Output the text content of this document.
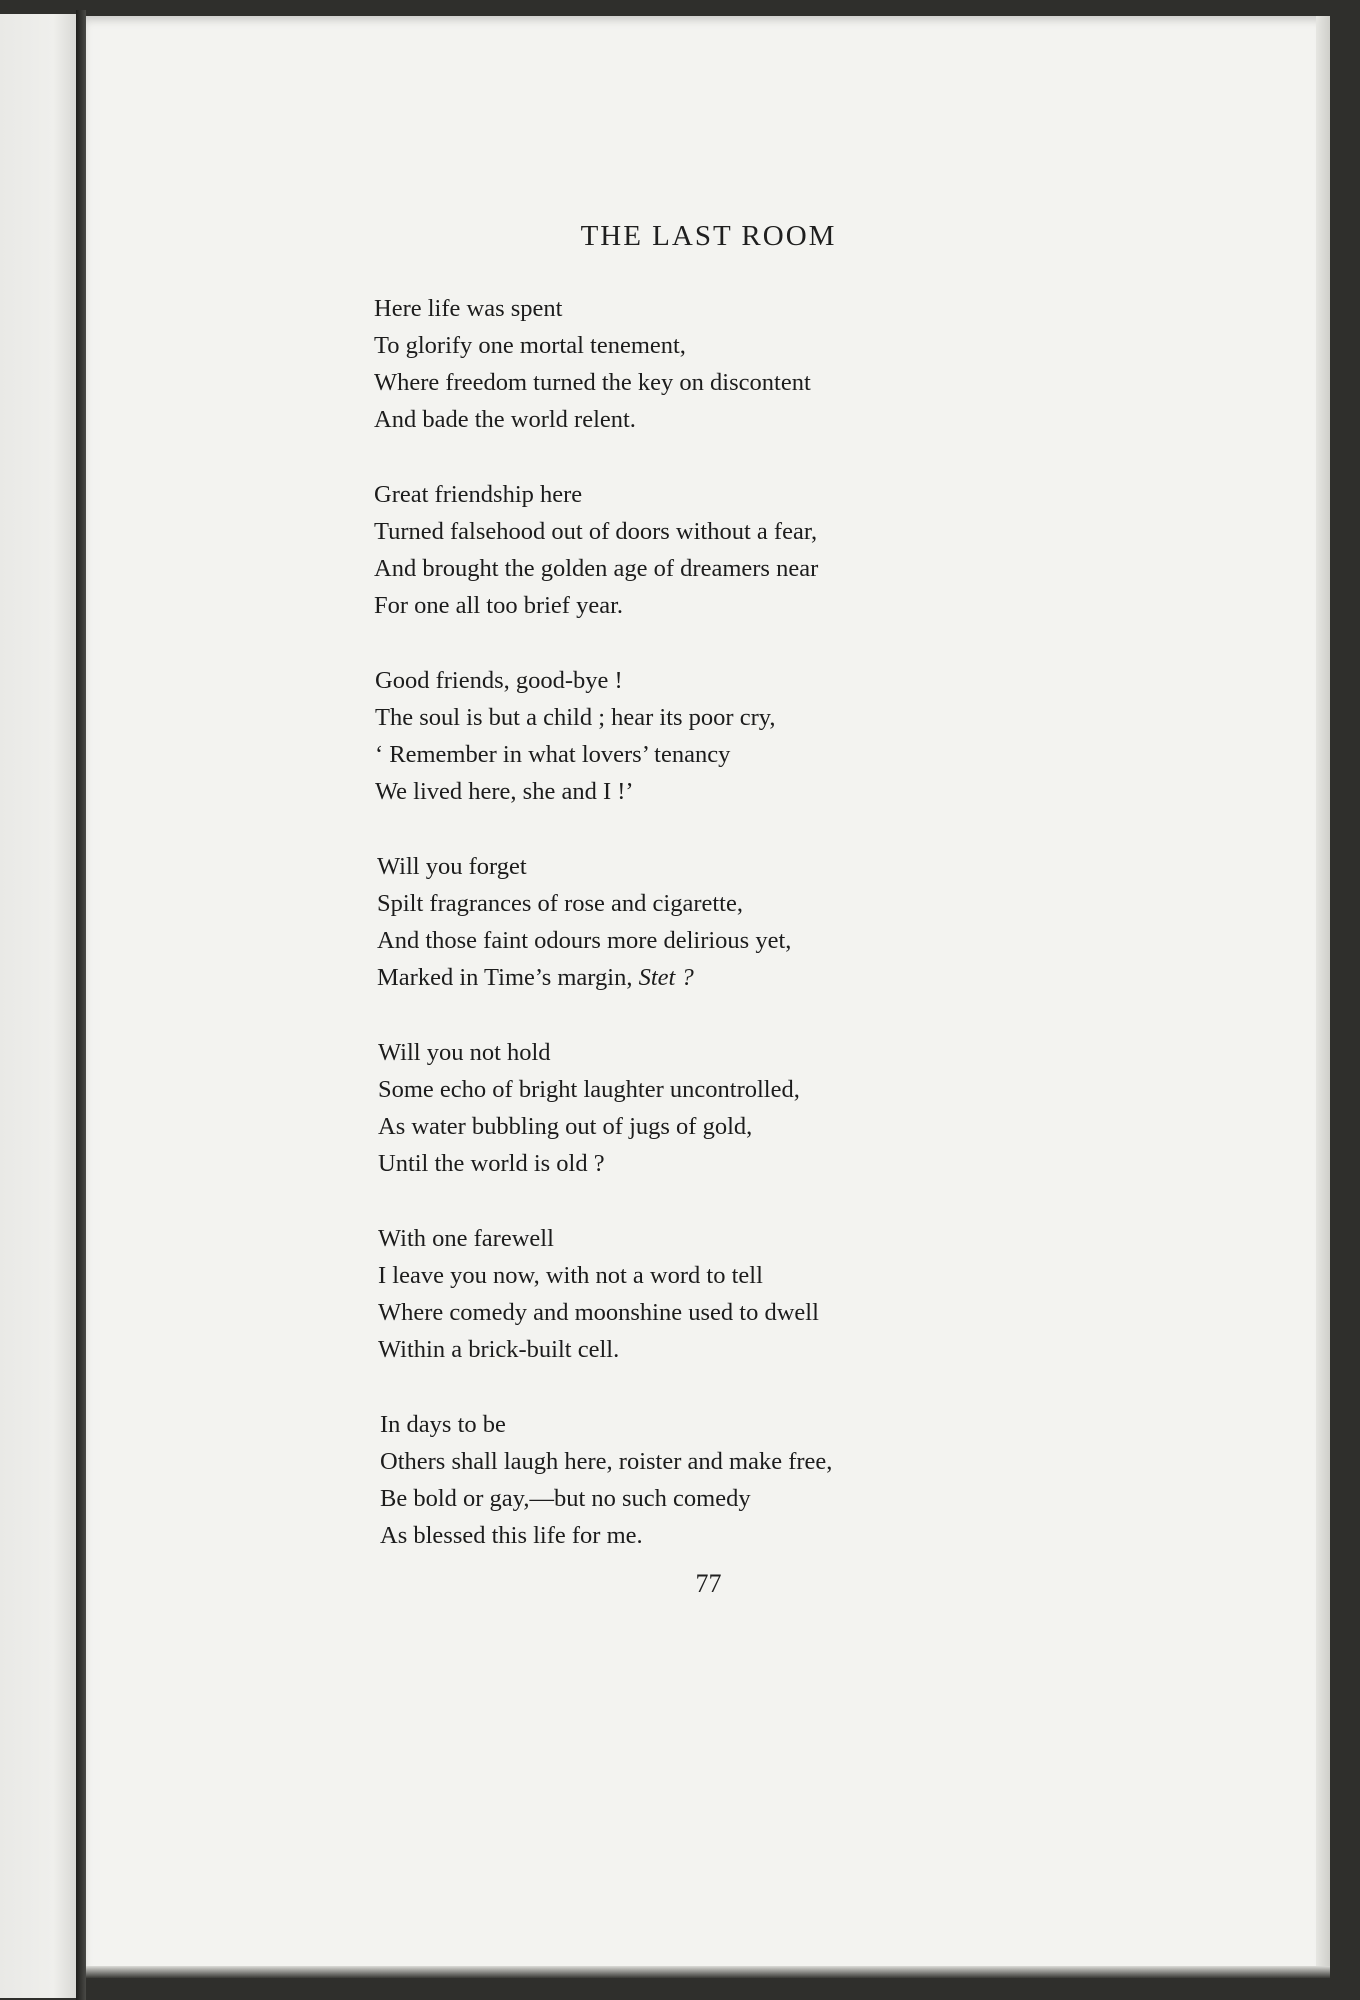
THE LAST ROOM
Here life was spent
To glorify one mortal tenement,
Where freedom turned the key on discontent
And bade the world relent.
Great friendship here
Turned falsehood out of doors without a fear,
And brought the golden age of dreamers near
For one all too brief year.
Good friends, good-bye !
The soul is but a child ; hear its poor cry,
‘ Remember in what lovers’ tenancy
We lived here, she and I !’
Will you forget
Spilt fragrances of rose and cigarette,
And those faint odours more delirious yet,
Marked in Time’s margin, Stet ?
Will you not hold
Some echo of bright laughter uncontrolled,
As water bubbling out of jugs of gold,
Until the world is old ?
With one farewell
I leave you now, with not a word to tell
Where comedy and moonshine used to dwell
Within a brick-built cell.
In days to be
Others shall laugh here, roister and make free,
Be bold or gay,—but no such comedy
As blessed this life for me.
77
